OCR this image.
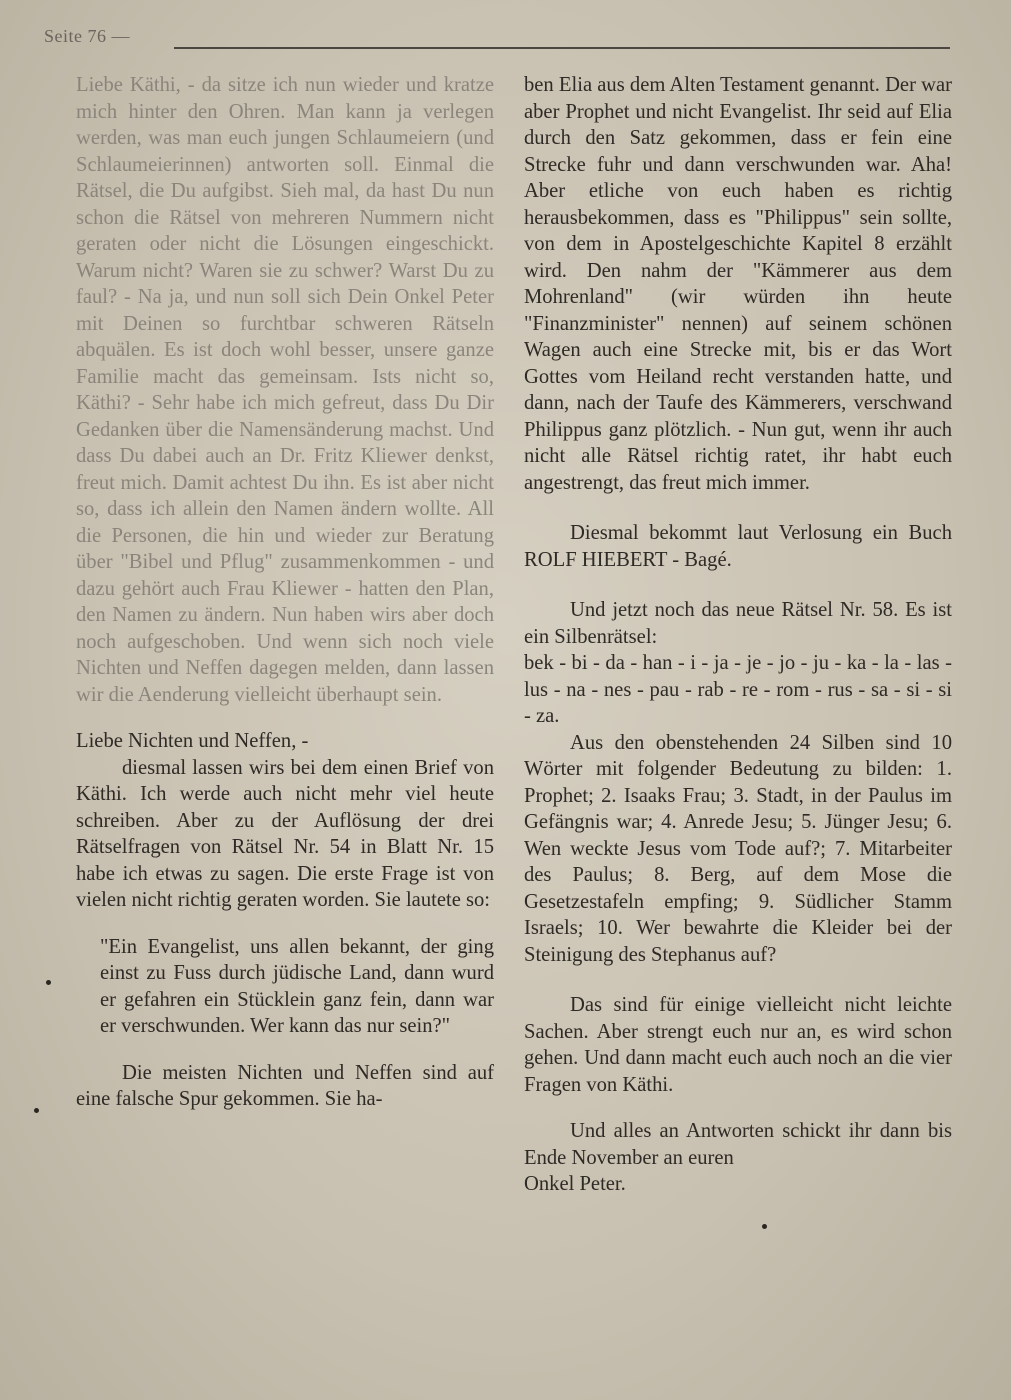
Seite 76 —

Liebe Käthi, - da sitze ich nun wieder und kratze mich hinter den Ohren. Man kann ja verlegen werden, was man euch jungen Schlaumeiern (und Schlaumeierinnen) antworten soll. Einmal die Rätsel, die Du aufgibst. Sieh mal, da hast Du nun schon die Rätsel von mehreren Nummern nicht geraten oder nicht die Lösungen eingeschickt. Warum nicht? Waren sie zu schwer? Warst Du zu faul? - Na ja, und nun soll sich Dein Onkel Peter mit Deinen so furchtbar schweren Rätseln abquälen. Es ist doch wohl besser, unsere ganze Familie macht das gemeinsam. Ists nicht so, Käthi? - Sehr habe ich mich gefreut, dass Du Dir Gedanken über die Namensänderung machst. Und dass Du dabei auch an Dr. Fritz Kliewer denkst, freut mich. Damit achtest Du ihn. Es ist aber nicht so, dass ich allein den Namen ändern wollte. All die Personen, die hin und wieder zur Beratung über "Bibel und Pflug" zusammenkommen - und dazu gehört auch Frau Kliewer - hatten den Plan, den Namen zu ändern. Nun haben wirs aber doch noch aufgeschoben. Und wenn sich noch viele Nichten und Neffen dagegen melden, dann lassen wir die Aenderung vielleicht überhaupt sein.

Liebe Nichten und Neffen, -

diesmal lassen wirs bei dem einen Brief von Käthi. Ich werde auch nicht mehr viel heute schreiben. Aber zu der Auflösung der drei Rätselfragen von Rätsel Nr. 54 in Blatt Nr. 15 habe ich etwas zu sagen. Die erste Frage ist von vielen nicht richtig geraten worden. Sie lautete so:

"Ein Evangelist, uns allen bekannt, der ging einst zu Fuss durch jüdische Land, dann wurd er gefahren ein Stücklein ganz fein, dann war er verschwunden. Wer kann das nur sein?"

Die meisten Nichten und Neffen sind auf eine falsche Spur gekommen. Sie ha-

ben Elia aus dem Alten Testament genannt. Der war aber Prophet und nicht Evangelist. Ihr seid auf Elia durch den Satz gekommen, dass er fein eine Strecke fuhr und dann verschwunden war. Aha! Aber etliche von euch haben es richtig herausbekommen, dass es "Philippus" sein sollte, von dem in Apostelgeschichte Kapitel 8 erzählt wird. Den nahm der "Kämmerer aus dem Mohrenland" (wir würden ihn heute "Finanzminister" nennen) auf seinem schönen Wagen auch eine Strecke mit, bis er das Wort Gottes vom Heiland recht verstanden hatte, und dann, nach der Taufe des Kämmerers, verschwand Philippus ganz plötzlich. - Nun gut, wenn ihr auch nicht alle Rätsel richtig ratet, ihr habt euch angestrengt, das freut mich immer.

Diesmal bekommt laut Verlosung ein Buch ROLF HIEBERT - Bagé.

Und jetzt noch das neue Rätsel Nr. 58. Es ist ein Silbenrätsel:

bek - bi - da - han - i - ja - je - jo - ju - ka - la - las - lus - na - nes - pau - rab - re - rom - rus - sa - si - si - za.

Aus den obenstehenden 24 Silben sind 10 Wörter mit folgender Bedeutung zu bilden: 1. Prophet; 2. Isaaks Frau; 3. Stadt, in der Paulus im Gefängnis war; 4. Anrede Jesu; 5. Jünger Jesu; 6. Wen weckte Jesus vom Tode auf?; 7. Mitarbeiter des Paulus; 8. Berg, auf dem Mose die Gesetzestafeln empfing; 9. Südlicher Stamm Israels; 10. Wer bewahrte die Kleider bei der Steinigung des Stephanus auf?

Das sind für einige vielleicht nicht leichte Sachen. Aber strengt euch nur an, es wird schon gehen. Und dann macht euch auch noch an die vier Fragen von Käthi.

Und alles an Antworten schickt ihr dann bis Ende November an euren

Onkel Peter.
